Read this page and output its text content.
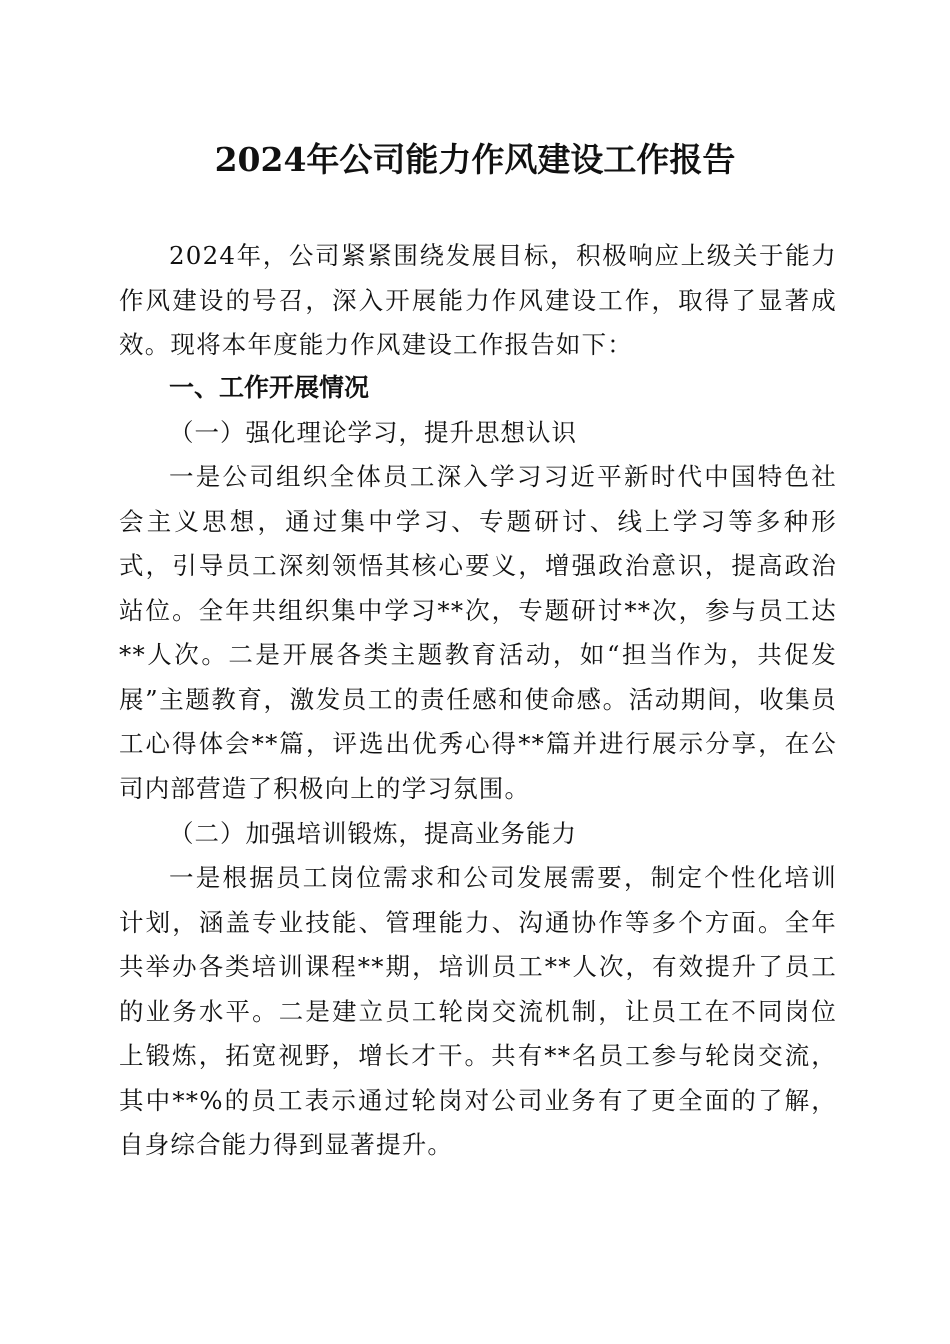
2024年公司能力作风建设工作报告

2024年，公司紧紧围绕发展目标，积极响应上级关于能力作风建设的号召，深入开展能力作风建设工作，取得了显著成效。现将本年度能力作风建设工作报告如下：

一、工作开展情况

（一）强化理论学习，提升思想认识

一是公司组织全体员工深入学习习近平新时代中国特色社会主义思想，通过集中学习、专题研讨、线上学习等多种形式，引导员工深刻领悟其核心要义，增强政治意识，提高政治站位。全年共组织集中学习**次，专题研讨**次，参与员工达**人次。二是开展各类主题教育活动，如“担当作为，共促发展”主题教育，激发员工的责任感和使命感。活动期间，收集员工心得体会**篇，评选出优秀心得**篇并进行展示分享，在公司内部营造了积极向上的学习氛围。

（二）加强培训锻炼，提高业务能力

一是根据员工岗位需求和公司发展需要，制定个性化培训计划，涵盖专业技能、管理能力、沟通协作等多个方面。全年共举办各类培训课程**期，培训员工**人次，有效提升了员工的业务水平。二是建立员工轮岗交流机制，让员工在不同岗位上锻炼，拓宽视野，增长才干。共有**名员工参与轮岗交流，其中**%的员工表示通过轮岗对公司业务有了更全面的了解，自身综合能力得到显著提升。
